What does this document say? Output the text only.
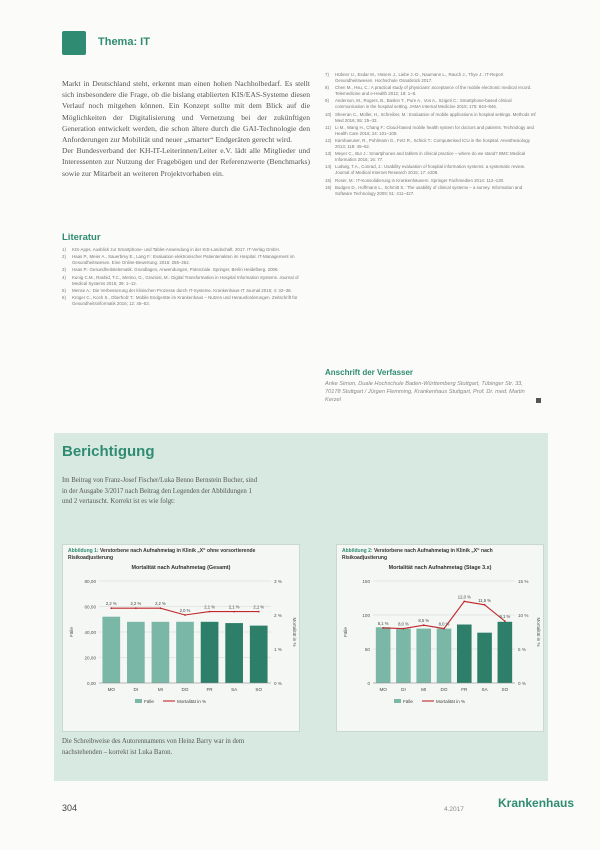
Thema: IT

Markt in Deutschland steht, erkennt man einen hohen Nachholbedarf. Es stellt sich insbesondere die Frage, ob die bislang etablierten KIS/EAS-Systeme diesen Verlauf noch mitgehen können. Ein Konzept sollte mit dem Blick auf die Möglichkeiten der Digitalisierung und Vernetzung bei der zukünftigen Generation entwickelt werden, die schon ältere durch die GAI-Technologie den Anforderungen zur Mobilität und neuer „smarter“ Endgeräten gerecht wird.

Der Bundesverband der KH-IT-Leiterinnen/Leiter e.V. lädt alle Mitglieder und Interessenten zur Nutzung der Fragebögen und der Referenzwerte (Benchmarks) sowie zur Mitarbeit an weiteren Projektvorhaben ein.

Literatur
1)	KIS-Apps. Ausblick zur Smartphone- und Tablet-Anwendung in der KIS-Landschaft. 2017. IT-Verlag GmbH.
2)	Haas P., Meier A., Sauerbrey E., Lang F.: Evaluation elektronischer Patientenakten im Hospital. IT-Management im Gesundheitswesen. Eine Online-Bewertung. 2016: 255–262.
3)	Haas P.: Gesundheitstelematik. Grundlagen, Anwendungen, Potenziale. Springer, Berlin Heidelberg. 2006.
4)	Kunig C.M., Rashid, T.C., Merino, G., Graziosi, M.: Digital Transformation in Hospital Information Systems. Journal of Medical Systems 2015; 39: 1–12.
5)	Mense A.: Die Verbesserung der klinischen Prozesse durch IT-Systeme. Krankenhaus-IT Journal 2016; 4: 32–38.
6)	Krüger C., Koch S., Oberholz T.: Mobile Endgeräte im Krankenhaus – Nutzen und Herausforderungen. Zeitschrift für Gesundheitsinformatik 2016; 12: 45–53.
7)	Hübner U., Esdar M., Hüsers J., Liebe J.-D., Naumann L., Rauch J., Thye J.: IT-Report Gesundheitswesen. Hochschule Osnabrück 2017.
8)	Chen M., Hsu, C.: A practical study of physicians' acceptance of the mobile electronic medical record. Telemedicine and e-Health 2012; 18: 1–8.
9)	Anderson, M., Rogers, B., Baskin T., Pure A., Vos A., Szigeti C.: Smartphone-based clinical communication in the hospital setting. JAMA Internal Medicine 2015; 175: 844–846.
10) Sheeran C., Müller, H., Schreiber, M.: Evaluation of mobile applications in hospital settings. Methods Inf Med 2016; 55: 25–33.
11) Li M., Wang H., Chang F.: Cloud-based mobile health system for doctors and patients. Technology and Health Care 2016; 24: 101–109.
12) Kamhaeuser, R., Pohlmann G., Fetz R., Schick T.: Computerised ICU in the hospital. Anesthesiology 2013; 118: 45–52.
13) Meyer C., Bur J.: Smartphones and tablets in clinical practice – where do we stand? BMC Medical Informatics 2016; 16: 77.
14) Ludwig, T.A., Conrad, J.: Usability evaluation of hospital information systems: a systematic review. Journal of Medical Internet Research 2015; 17: e208.
15) Roser, M.: IT-Konsolidierung in Krankenhäusern. Springer Fachmedien 2014: 112–130.
16) Budgen D., Hoffmann L., Schmitt S.: The usability of clinical systems – a survey. Information and Software Technology 2009; 51: 411–427.
Anschrift der Verfasser
Anke Simon, Duale Hochschule Baden-Württemberg Stuttgart, Tübinger Str. 33, 70178 Stuttgart / Jürgen Flemming, Krankenhaus Stuttgart, Prof. Dr. med. Martin Kerzel
Berichtigung
Im Beitrag von Franz-Josef Fischer/Luka Benno Bernstein Bucher, sind in der Ausgabe 3/2017 nach Beitrag den Legenden der Abbildungen 1 und 2 vertauscht. Korrekt ist es wie folgt:
Abbildung 1: Verstorbene nach Aufnahmetag in Klinik „X“ ohne vorsortierende Risikoadjustierung
Mortalität nach Aufnahmetag (Gesamt)
80,00
60,00
40,00
20,00
0,00
3 %
2 %
1 %
0 %
Fälle	Mortalität in %
MO	DI	MI	DO	FR	SA	SO
2,2 %	2,2 %	2,2 %
2,0 %
2,1 %	2,1 %	2,1 %
Fälle	Mortalität in %
Abbildung 2: Verstorbene nach Aufnahmetag in Klinik „X“ nach Risikoadjustierung
Mortalität nach Aufnahmetag (Stage 3.x)
150
100
50
0
15 %
10 %
5 %
0 %
Fälle	Mortalität in %
MO	DI	MI	DO	FR	SA	SO
8,1 % 8,0 %
8,5 %
8,0 %
12,0 %
11,5 %
9,1 %
Fälle	Mortalität in %
Die Schreibweise des Autorennamens von Heinz Barry war in dem nachstehenden – korrekt ist Luka Baron.
304	4.2017	Krankenhaus
